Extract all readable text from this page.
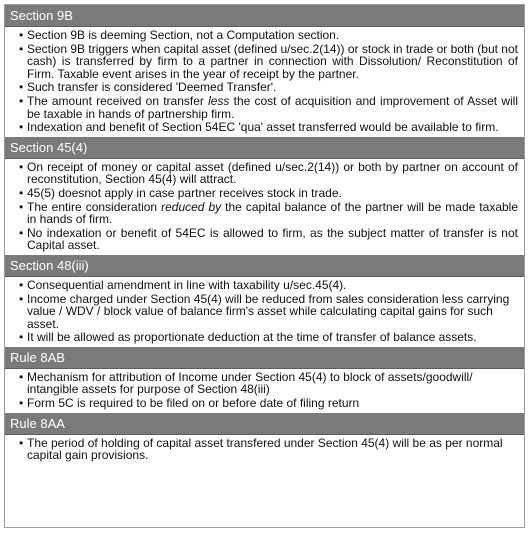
Section 9B
• Section 9B is deeming Section, not a Computation section.
• Section 9B triggers when capital asset (defined u/sec.2(14)) or stock in trade or both (but not cash) is transferred by firm to a partner in connection with Dissolution/ Reconstitution of Firm. Taxable event arises in the year of receipt by the partner.
• Such transfer is considered 'Deemed Transfer'.
• The amount received on transfer less the cost of acquisition and improvement of Asset will be taxable in hands of partnership firm.
• Indexation and benefit of Section 54EC 'qua' asset transferred would be available to firm.
Section 45(4)
• On receipt of money or capital asset (defined u/sec.2(14)) or both by partner on account of reconstitution, Section 45(4) will attract.
• 45(5) doesnot apply in case partner receives stock in trade.
• The entire consideration reduced by the capital balance of the partner will be made taxable in hands of firm.
• No indexation or benefit of 54EC is allowed to firm, as the subject matter of transfer is not Capital asset.
Section 48(iii)
• Consequential amendment in line with taxability u/sec.45(4).
• Income charged under Section 45(4) will be reduced from sales consideration less carrying value / WDV / block value of balance firm's asset while calculating capital gains for such asset.
• It will be allowed as proportionate deduction at the time of transfer of balance assets.
Rule 8AB
• Mechanism for attribution of Income under Section 45(4) to block of assets/goodwill/ intangible assets for purpose of Section 48(iii)
• Form 5C is required to be filed on or before date of filing return
Rule 8AA
• The period of holding of capital asset transfered under Section 45(4) will be as per normal capital gain provisions.
